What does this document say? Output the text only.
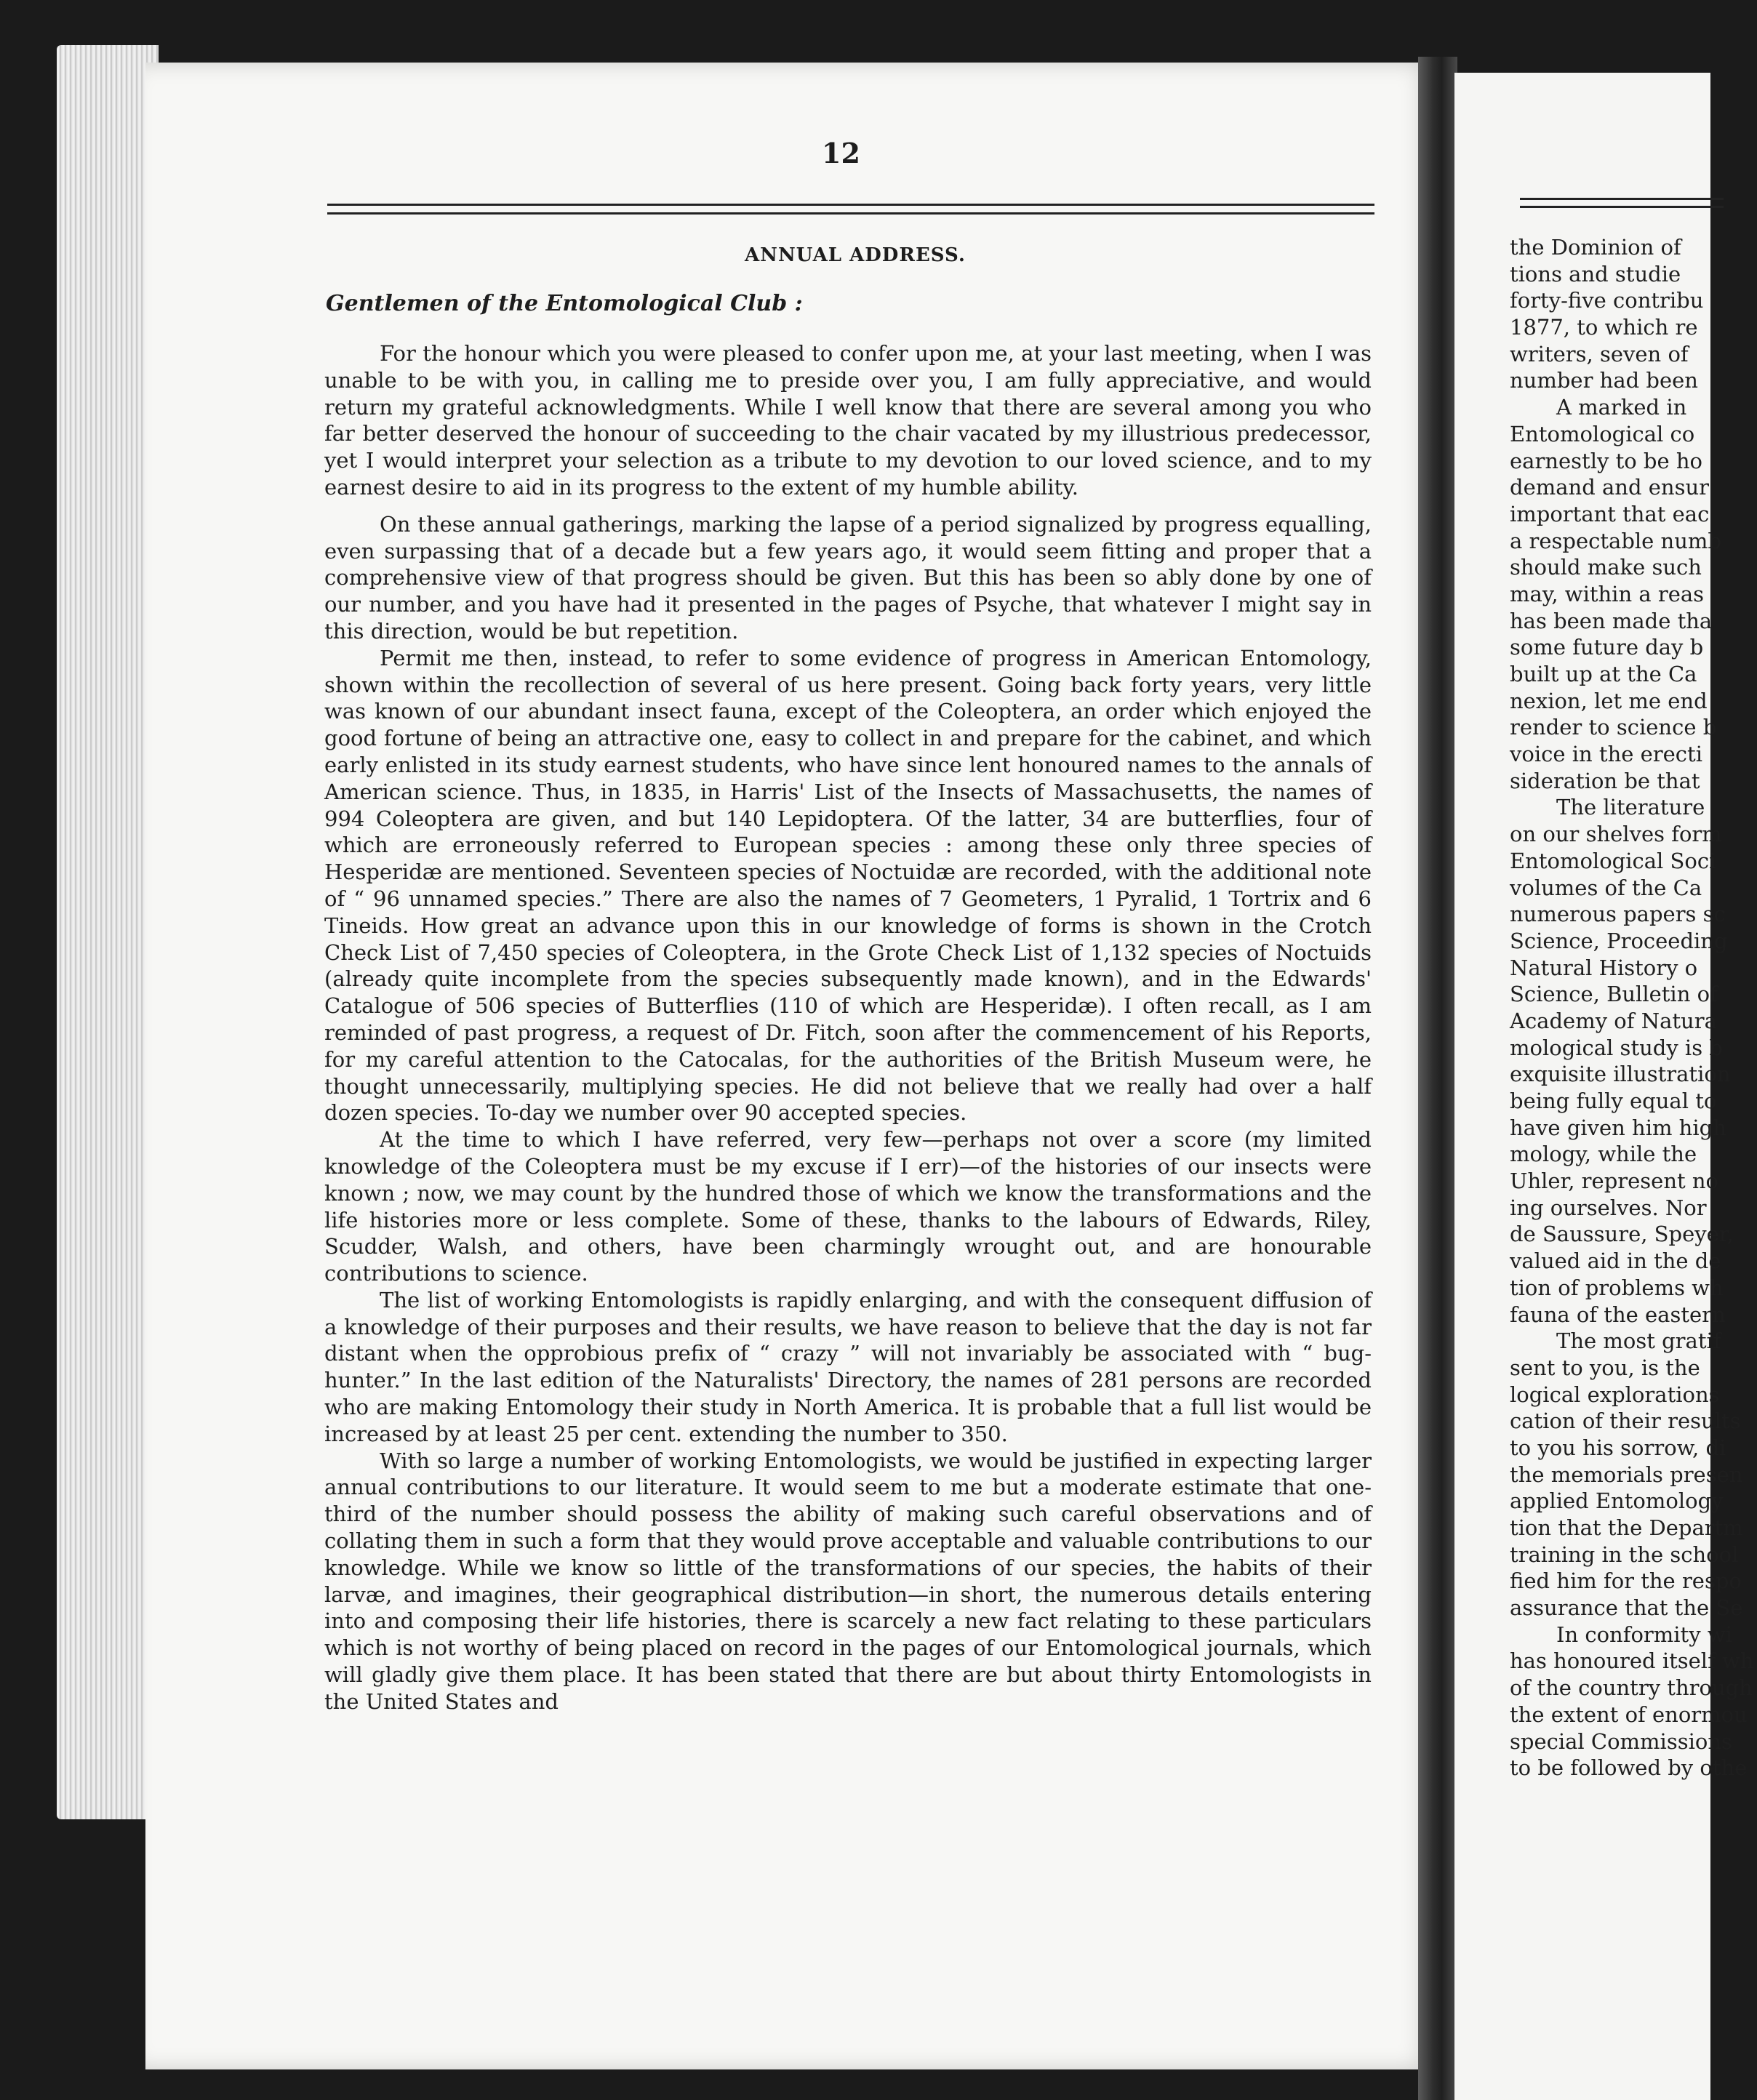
12
ANNUAL ADDRESS.
Gentlemen of the Entomological Club :

For the honour which you were pleased to confer upon me, at your last meeting, when I was unable to be with you, in calling me to preside over you, I am fully appreciative, and would return my grateful acknowledgments. While I well know that there are several among you who far better deserved the honour of succeeding to the chair vacated by my illustrious predecessor, yet I would interpret your selection as a tribute to my devotion to our loved science, and to my earnest desire to aid in its progress to the extent of my humble ability.

On these annual gatherings, marking the lapse of a period signalized by progress equalling, even surpassing that of a decade but a few years ago, it would seem fitting and proper that a comprehensive view of that progress should be given. But this has been so ably done by one of our number, and you have had it presented in the pages of Psyche, that whatever I might say in this direction, would be but repetition.

Permit me then, instead, to refer to some evidence of progress in American Entomology, shown within the recollection of several of us here present. Going back forty years, very little was known of our abundant insect fauna, except of the Coleoptera, an order which enjoyed the good fortune of being an attractive one, easy to collect in and prepare for the cabinet, and which early enlisted in its study earnest students, who have since lent honoured names to the annals of American science. Thus, in 1835, in Harris' List of the Insects of Massachusetts, the names of 994 Coleoptera are given, and but 140 Lepidoptera. Of the latter, 34 are butterflies, four of which are erroneously referred to European species : among these only three species of Hesperidæ are mentioned. Seventeen species of Noctuidæ are recorded, with the additional note of “ 96 unnamed species.” There are also the names of 7 Geometers, 1 Pyralid, 1 Tortrix and 6 Tineids. How great an advance upon this in our knowledge of forms is shown in the Crotch Check List of 7,450 species of Coleoptera, in the Grote Check List of 1,132 species of Noctuids (already quite incomplete from the species subsequently made known), and in the Edwards' Catalogue of 506 species of Butterflies (110 of which are Hesperidæ). I often recall, as I am reminded of past progress, a request of Dr. Fitch, soon after the commencement of his Reports, for my careful attention to the Catocalas, for the authorities of the British Museum were, he thought unnecessarily, multiplying species. He did not believe that we really had over a half dozen species. To-day we number over 90 accepted species.

At the time to which I have referred, very few—perhaps not over a score (my limited knowledge of the Coleoptera must be my excuse if I err)—of the histories of our insects were known ; now, we may count by the hundred those of which we know the transformations and the life histories more or less complete. Some of these, thanks to the labours of Edwards, Riley, Scudder, Walsh, and others, have been charmingly wrought out, and are honourable contributions to science.

The list of working Entomologists is rapidly enlarging, and with the consequent diffusion of a knowledge of their purposes and their results, we have reason to believe that the day is not far distant when the opprobious prefix of “ crazy ” will not invariably be associated with “ bug-hunter.” In the last edition of the Naturalists' Directory, the names of 281 persons are recorded who are making Entomology their study in North America. It is probable that a full list would be increased by at least 25 per cent. extending the number to 350.

With so large a number of working Entomologists, we would be justified in expecting larger annual contributions to our literature. It would seem to me but a moderate estimate that one-third of the number should possess the ability of making such careful observations and of collating them in such a form that they would prove acceptable and valuable contributions to our knowledge. While we know so little of the transformations of our species, the habits of their larvæ, and imagines, their geographical distribution—in short, the numerous details entering into and composing their life histories, there is scarcely a new fact relating to these particulars which is not worthy of being placed on record in the pages of our Entomological journals, which will gladly give them place. It has been stated that there are but about thirty Entomologists in the United States and

the Dominion of
tions and studie
forty-five contribu
1877, to which re
writers, seven of
number had been
A marked in
Entomological co
earnestly to be ho
demand and ensur
important that eac
a respectable numb
should make such
may, within a reas
has been made tha
some future day b
built up at the Ca
nexion, let me end
render to science b
voice in the erecti
sideration be that
The literature
on our shelves form
Entomological Soci
volumes of the Ca
numerous papers sc
Science, Proceeding
Natural History o
Science, Bulletin of
Academy of Natura
mological study is b
exquisite illustration
being fully equal to
have given him high
mology, while the
Uhler, represent no
ing ourselves. Nor
de Saussure, Speyer,
valued aid in the de
tion of problems wh
fauna of the eastern
The most gratif
sent to you, is the
logical explorations
cation of their results
to you his sorrow, di
the memorials presen
applied Entomology
tion that the Departm
training in the school
fied him for the respo
assurance that the Se
In conformity wi
has honoured itself wh
of the country through
the extent of enormou
special Commissions
to be followed by othe
